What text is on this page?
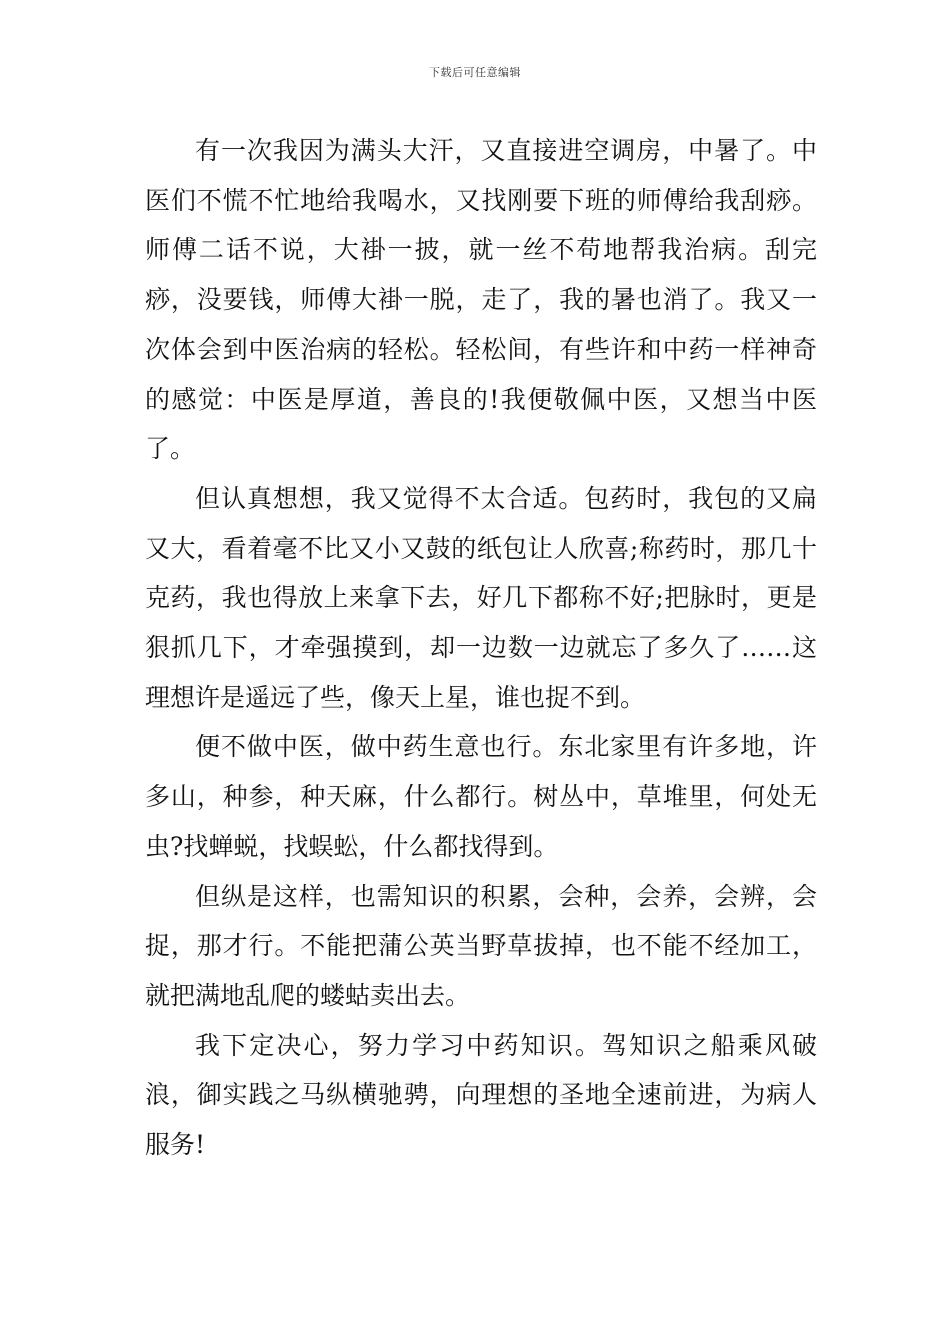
下载后可任意编辑

有一次我因为满头大汗，又直接进空调房，中暑了。中医们不慌不忙地给我喝水，又找刚要下班的师傅给我刮痧。师傅二话不说，大褂一披，就一丝不苟地帮我治病。刮完痧，没要钱，师傅大褂一脱，走了，我的暑也消了。我又一次体会到中医治病的轻松。轻松间，有些许和中药一样神奇的感觉：中医是厚道，善良的!我便敬佩中医，又想当中医了。

但认真想想，我又觉得不太合适。包药时，我包的又扁又大，看着毫不比又小又鼓的纸包让人欣喜;称药时，那几十克药，我也得放上来拿下去，好几下都称不好;把脉时，更是狠抓几下，才牵强摸到，却一边数一边就忘了多久了……这理想许是遥远了些，像天上星，谁也捉不到。

便不做中医，做中药生意也行。东北家里有许多地，许多山，种参，种天麻，什么都行。树丛中，草堆里，何处无虫?找蝉蜕，找蜈蚣，什么都找得到。

但纵是这样，也需知识的积累，会种，会养，会辨，会捉，那才行。不能把蒲公英当野草拔掉，也不能不经加工，就把满地乱爬的蝼蛄卖出去。

我下定决心，努力学习中药知识。驾知识之船乘风破浪，御实践之马纵横驰骋，向理想的圣地全速前进，为病人服务!
